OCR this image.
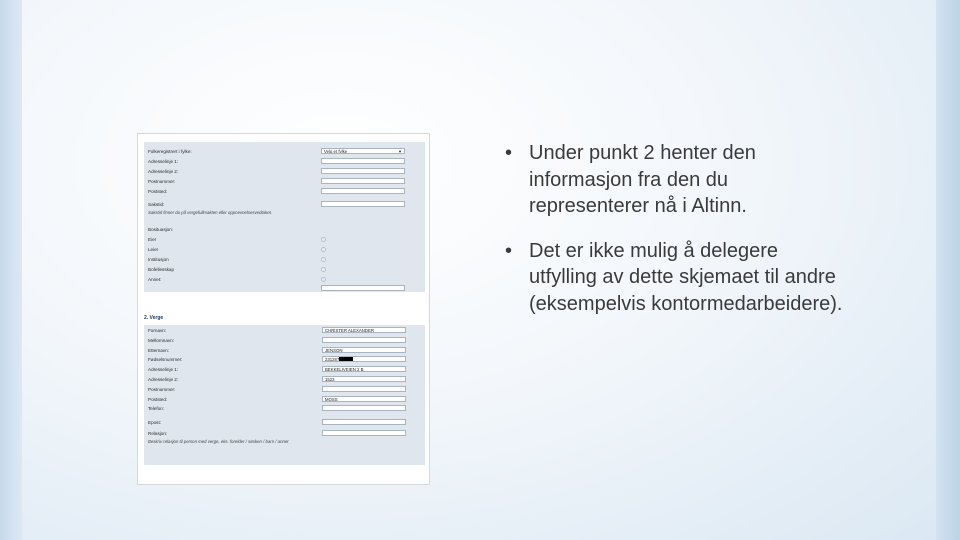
Folkeregistrert i fylke:	Velg et fylke	▾
Adresselinje 1:
Adresselinje 2:
Postnummer:
Poststed:
Sakstid:
Sakstid finner du på vergefullmakten eller oppnevnelsesvedtaket.
Bosituasjon:
Eier
Leier
Institusjon
Bofellesskap
Annet:
2. Verge
Fornavn:	CHRISTER ALEXANDER
Mellomnavn:
Etternavn:	JENSON
Fødselsnummer:	231287
Adresselinje 1:	BEKKELIVEIEN 2 B
Adresselinje 2:	1523
Postnummer:
Poststed:	MOSS
Telefon:
Epost:
Relasjon:
Beskriv relasjon til person med verge, eks. forelder / søsken / barn / annet
• Under punkt 2 henter den informasjon fra den du representerer nå i Altinn.
• Det er ikke mulig å delegere utfylling av dette skjemaet til andre (eksempelvis kontormedarbeidere).
